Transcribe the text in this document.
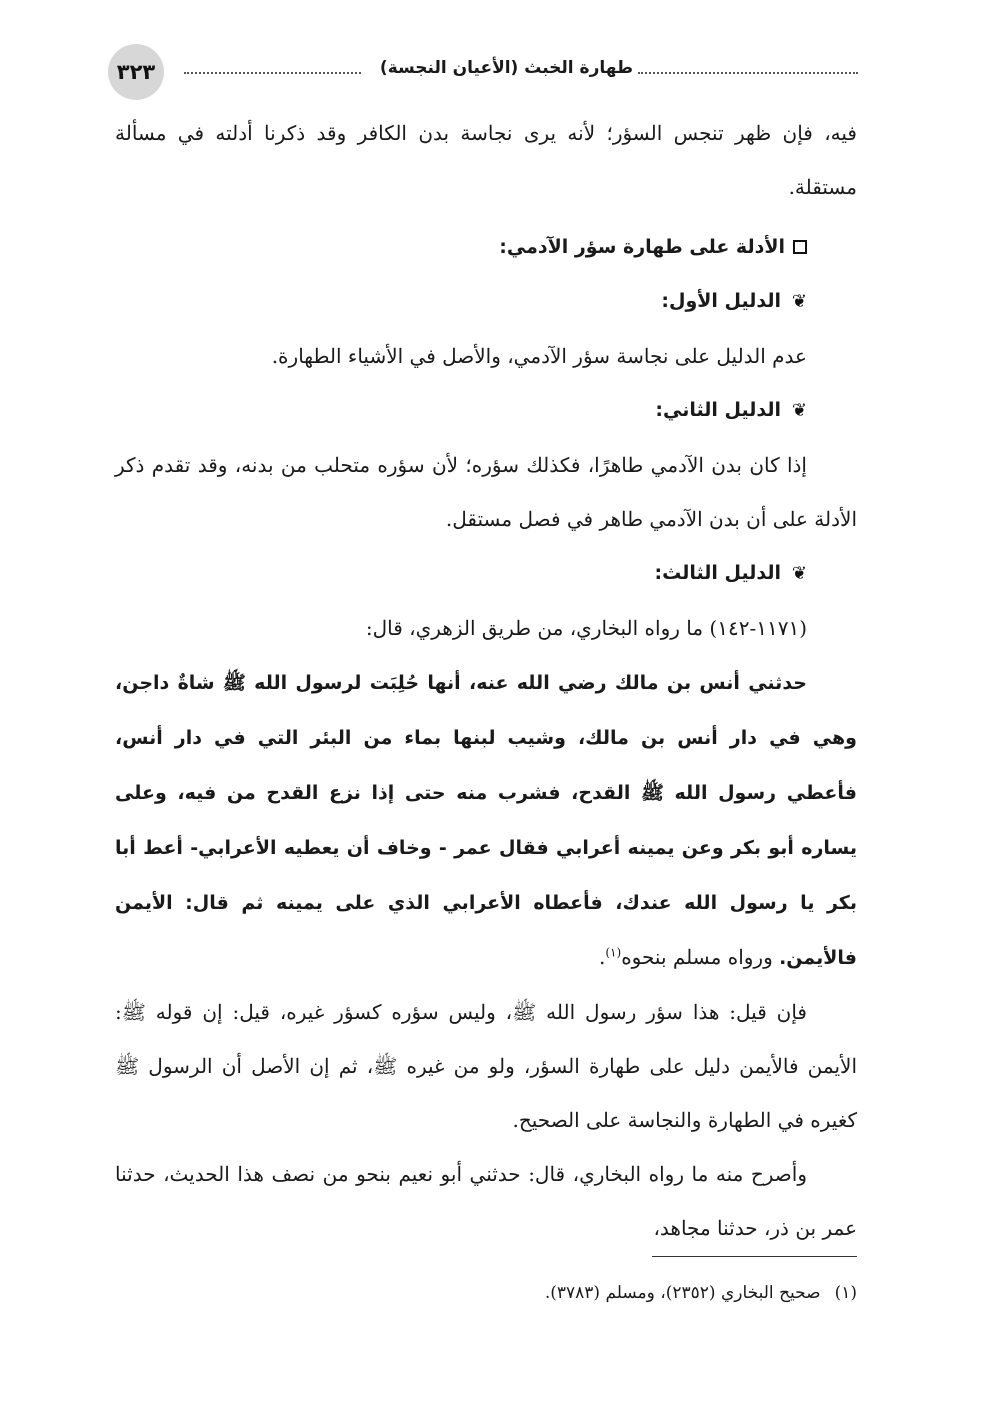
طهارة الخبث (الأعيان النجسة)
٣٢٣

فيه، فإن ظهر تنجس السؤر؛ لأنه يرى نجاسة بدن الكافر وقد ذكرنا أدلته في مسألة مستقلة.

الأدلة على طهارة سؤر الآدمي:

❦الدليل الأول:

عدم الدليل على نجاسة سؤر الآدمي، والأصل في الأشياء الطهارة.

❦الدليل الثاني:

إذا كان بدن الآدمي طاهرًا، فكذلك سؤره؛ لأن سؤره متحلب من بدنه، وقد تقدم ذكر الأدلة على أن بدن الآدمي طاهر في فصل مستقل.

❦الدليل الثالث:

(١١٧١-١٤٢) ما رواه البخاري، من طريق الزهري، قال:

حدثني أنس بن مالك رضي الله عنه، أنها حُلِبَت لرسول الله ﷺ شاةٌ داجن، وهي في دار أنس بن مالك، وشيب لبنها بماء من البئر التي في دار أنس، فأعطي رسول الله ﷺ القدح، فشرب منه حتى إذا نزع القدح من فيه، وعلى يساره أبو بكر وعن يمينه أعرابي فقال عمر - وخاف أن يعطيه الأعرابي- أعط أبا بكر يا رسول الله عندك، فأعطاه الأعرابي الذي على يمينه ثم قال: الأيمن فالأيمن. ورواه مسلم بنحوه$^{(١)}$.

فإن قيل: هذا سؤر رسول الله ﷺ، وليس سؤره كسؤر غيره، قيل: إن قوله ﷺ: الأيمن فالأيمن دليل على طهارة السؤر، ولو من غيره ﷺ، ثم إن الأصل أن الرسول ﷺ كغيره في الطهارة والنجاسة على الصحيح.

وأصرح منه ما رواه البخاري، قال: حدثني أبو نعيم بنحو من نصف هذا الحديث، حدثنا عمر بن ذر، حدثنا مجاهد،

(١)صحيح البخاري (٢٣٥٢)، ومسلم (٣٧٨٣).
